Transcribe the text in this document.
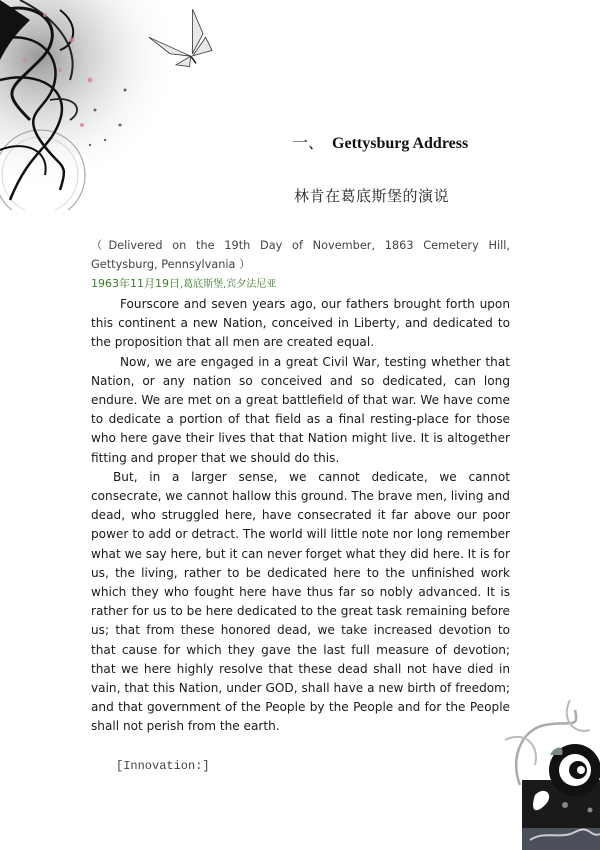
一、 Gettysburg Address
林肯在葛底斯堡的演说
（Delivered on the 19th Day of November, 1863 Cemetery Hill, Gettysburg, Pennsylvania ）
1963年11月19日,葛底斯堡,宾夕法尼亚

Fourscore and seven years ago, our fathers brought forth upon this continent a new Nation, conceived in Liberty, and dedicated to the proposition that all men are created equal.

Now, we are engaged in a great Civil War, testing whether that Nation, or any nation so conceived and so dedicated, can long endure. We are met on a great battlefield of that war. We have come to dedicate a portion of that field as a final resting-place for those who here gave their lives that that Nation might live. It is altogether fitting and proper that we should do this.

But, in a larger sense, we cannot dedicate, we cannot consecrate, we cannot hallow this ground. The brave men, living and dead, who struggled here, have consecrated it far above our poor power to add or detract. The world will little note nor long remember what we say here, but it can never forget what they did here. It is for us, the living, rather to be dedicated here to the unfinished work which they who fought here have thus far so nobly advanced. It is rather for us to be here dedicated to the great task remaining before us; that from these honored dead, we take increased devotion to that cause for which they gave the last full measure of devotion; that we here highly resolve that these dead shall not have died in vain, that this Nation, under GOD, shall have a new birth of freedom; and that government of the People by the People and for the People shall not perish from the earth.

[Innovation:]
